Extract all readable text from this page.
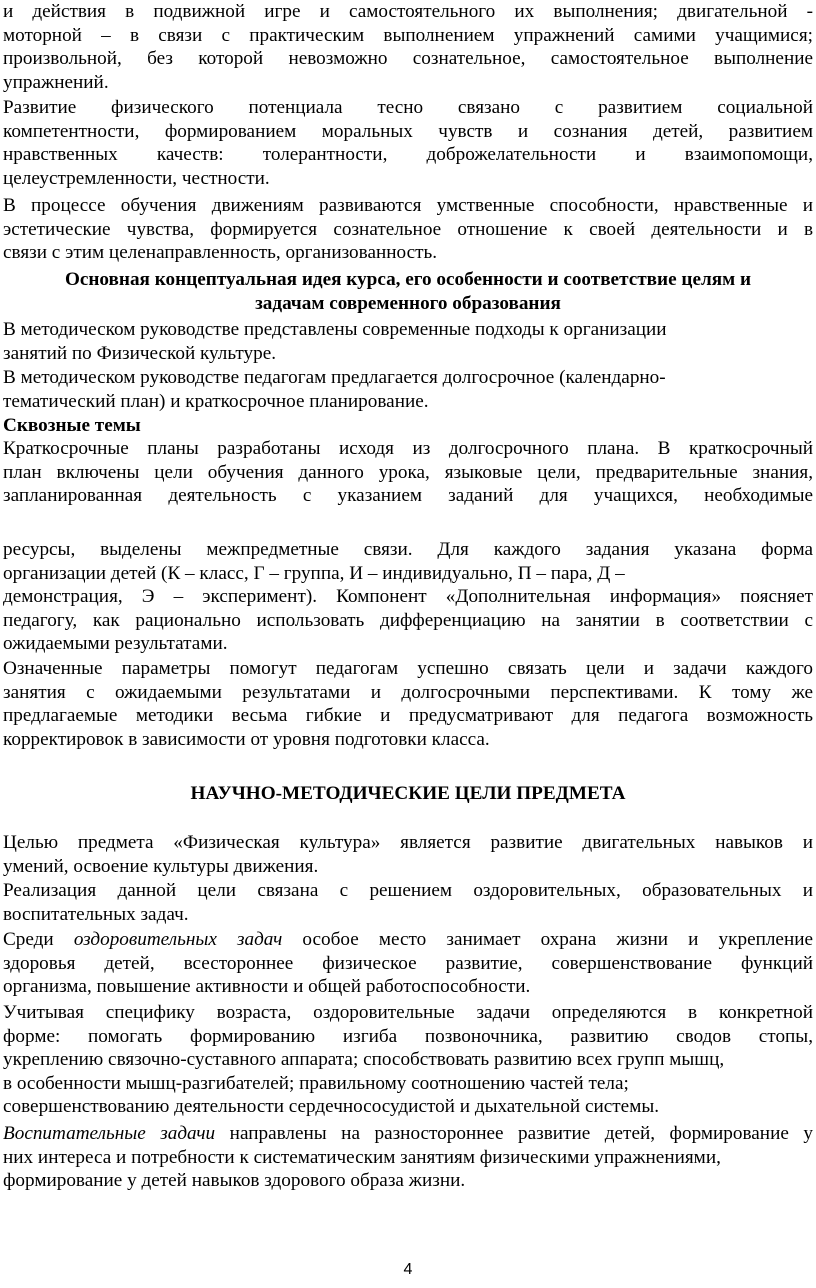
и действия в подвижной игре и самостоятельного их выполнения; двигательной -
моторной – в связи с практическим выполнением упражнений самими учащимися;
произвольной, без которой невозможно сознательное, самостоятельное выполнение
упражнений.
Развитие физического потенциала тесно связано с развитием социальной
компетентности, формированием моральных чувств и сознания детей, развитием
нравственных качеств: толерантности, доброжелательности и взаимопомощи,
целеустремленности, честности.
В процессе обучения движениям развиваются умственные способности, нравственные и
эстетические чувства, формируется сознательное отношение к своей деятельности и в
связи с этим целенаправленность, организованность.
Основная концептуальная идея курса, его особенности и соответствие целям и
задачам современного образования
В методическом руководстве представлены современные подходы к организации
занятий по Физической культуре.
В методическом руководстве педагогам предлагается долгосрочное (календарно-
тематический план) и краткосрочное планирование.
Сквозные темы
Краткосрочные планы разработаны исходя из долгосрочного плана. В краткосрочный
план включены цели обучения данного урока, языковые цели, предварительные знания,
запланированная деятельность с указанием заданий для учащихся, необходимые
ресурсы, выделены межпредметные связи. Для каждого задания указана форма
организации детей (К – класс, Г – группа, И – индивидуально, П – пара, Д –
демонстрация, Э – эксперимент). Компонент «Дополнительная информация» поясняет
педагогу, как рационально использовать дифференциацию на занятии в соответствии с
ожидаемыми результатами.
Означенные параметры помогут педагогам успешно связать цели и задачи каждого
занятия с ожидаемыми результатами и долгосрочными перспективами. К тому же
предлагаемые методики весьма гибкие и предусматривают для педагога возможность
корректировок в зависимости от уровня подготовки класса.
НАУЧНО-МЕТОДИЧЕСКИЕ ЦЕЛИ ПРЕДМЕТА
Целью предмета «Физическая культура» является развитие двигательных навыков и
умений, освоение культуры движения.
Реализация данной цели связана с решением оздоровительных, образовательных и
воспитательных задач.
Среди оздоровительных задач особое место занимает охрана жизни и укрепление
здоровья детей, всестороннее физическое развитие, совершенствование функций
организма, повышение активности и общей работоспособности.
Учитывая специфику возраста, оздоровительные задачи определяются в конкретной
форме: помогать формированию изгиба позвоночника, развитию сводов стопы,
укреплению связочно-суставного аппарата; способствовать развитию всех групп мышц,
в особенности мышц-разгибателей; правильному соотношению частей тела;
совершенствованию деятельности сердечнососудистой и дыхательной системы.
Воспитательные задачи направлены на разностороннее развитие детей, формирование у
них интереса и потребности к систематическим занятиям физическими упражнениями,
формирование у детей навыков здорового образа жизни.
4
